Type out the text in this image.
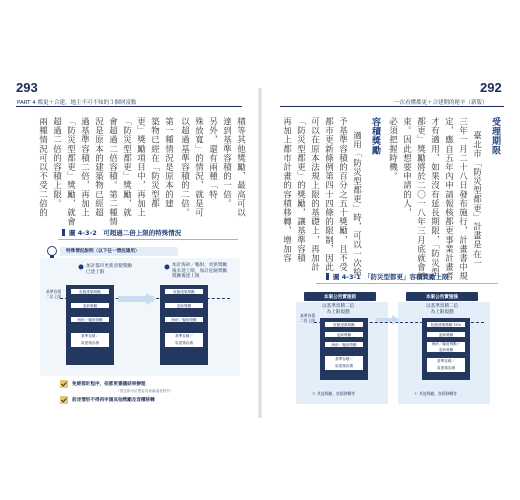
293
PART 4 都更＋合建，地主不可不知的３個財富點
292
一次看懂都更＋合建開的秘辛（新版）
積等其他獎勵，最高可以
達到基準容積的一倍。
另外，還有兩種「特
殊放寬」的情況，就是可
以超過基準容積的二倍。
第一種情況是原本的建
築物已經在「防災型都
更」獎勵項目中，再加上
「防災型都更」獎勵，就
會超過二倍容積。第二種情
況是原本的建築物已經超
過基準容積二倍，再加上
「防災型都更」獎勵，就會
超過二倍的容積上限。
兩種情況可以不受二倍的
圖 4-3-2　可超過二倍上限的特殊情況
特殊情況說明（以下任一情況適用）
加計都市更新容積獎勵
已達上限
加計海砂／輻射、更新獎勵
後未達上限，加計危險獎勵
獎勵後達上限
基準容積
二倍上限
危險建築獎勵
更新獎勵
海砂／輻射獎勵
基準容積／
原建築容積
危險建築獎勵
更新獎勵
海砂／輻射獎勵
基準容積／
原建築容積
免經都計程序，依都更審議結果辦理
（需送都市計畫委員會審議者除外）
前述情形不得再申請其他獎勵及容積移轉
受理期限
臺北市「防災型都更」計畫是在一
三年一月二十八日發布施行，計畫書中規
定，應自五年內申請報核都更事業計畫者
才有適用，如果沒有延長期限，「防災型
都更」獎勵將於二〇一八年三月底就會結
束。因此想要申請的人，
必須把握時機。
容積獎勵
適用「防災型都更」時，可以一次給
予基準容積的百分之五十獎勵，且不受
都市更新條例第四十四條的限制，因此
可以在原本法規上限的基礎上，再加計
「防災型都更」的獎勵，讓基準容積
再加上都市計畫的容積移轉，增加容
圖 4-3-1　「防災型都更」容積獎勵上限
本案公告實施前	本案公告實施後
以基準容積二倍
為上限規劃
以基準容積二倍
為上限規劃
基準容積
二倍上限
危險建築獎勵
更新獎勵
海砂／輻射獎勵
基準容積／
原建築容積
危險建築獎勵 50%
更新獎勵
海砂／輻射獎勵＋
更新獎勵
基準容積／
原建築容積
＊ 其他獎勵、容積移轉等	＊ 其他獎勵、容積移轉等
